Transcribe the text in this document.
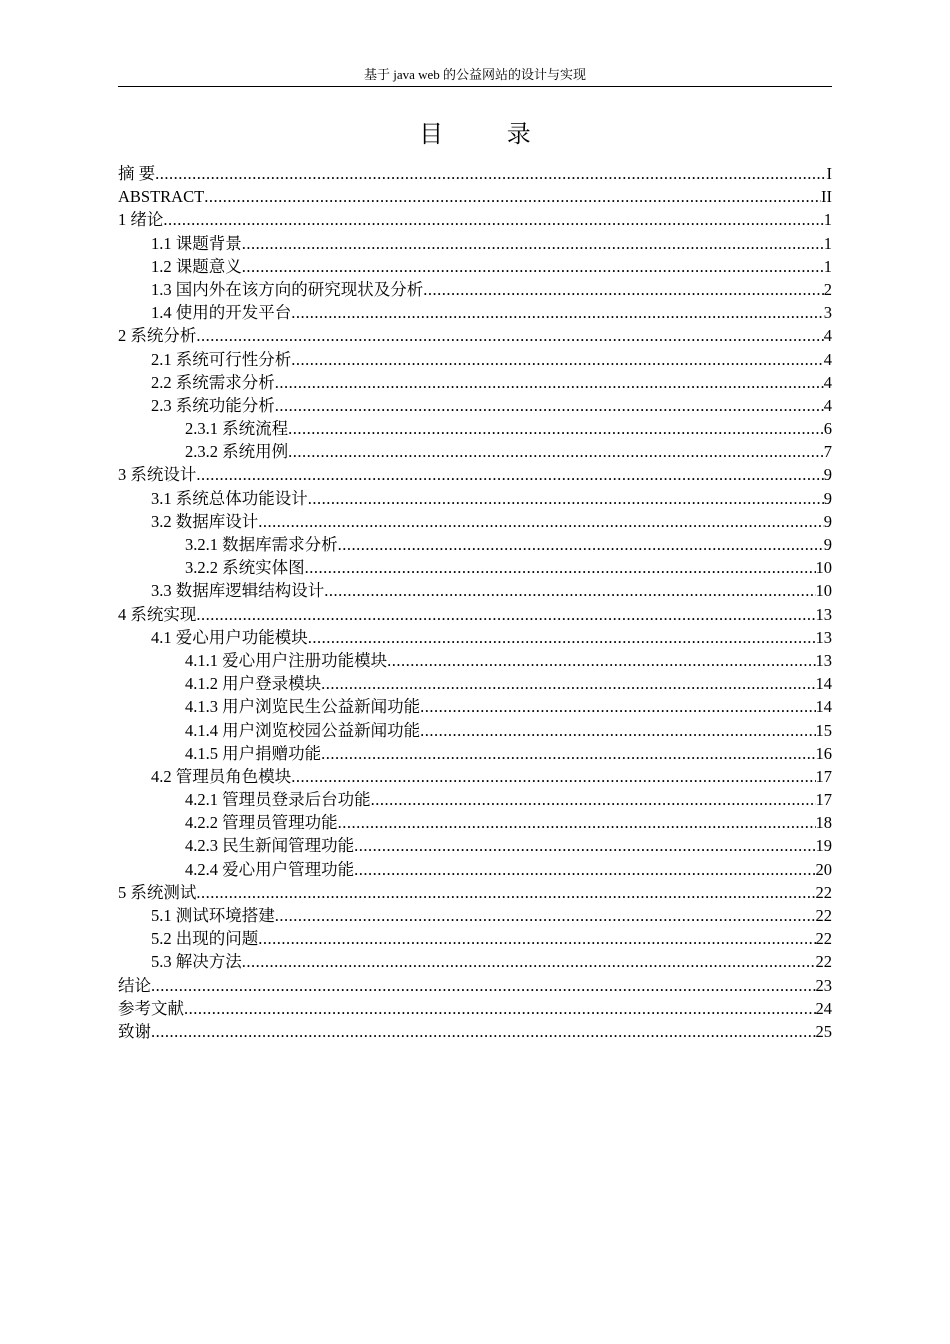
基于 java web 的公益网站的设计与实现
目 录
摘 要 .....	I
ABSTRACT .....	II
1 绪论 .....	1
1.1 课题背景 .....	1
1.2 课题意义 .....	1
1.3 国内外在该方向的研究现状及分析 .....	2
1.4 使用的开发平台 .....	3
2 系统分析 .....	4
2.1 系统可行性分析 .....	4
2.2 系统需求分析 .....	4
2.3 系统功能分析 .....	4
2.3.1 系统流程 .....	6
2.3.2 系统用例 .....	7
3 系统设计 .....	9
3.1 系统总体功能设计 .....	9
3.2 数据库设计 .....	9
3.2.1 数据库需求分析 .....	9
3.2.2 系统实体图 .....	10
3.3 数据库逻辑结构设计 .....	10
4 系统实现 .....	13
4.1 爱心用户功能模块 .....	13
4.1.1 爱心用户注册功能模块 .....	13
4.1.2 用户登录模块 .....	14
4.1.3 用户浏览民生公益新闻功能 .....	14
4.1.4 用户浏览校园公益新闻功能 .....	15
4.1.5 用户捐赠功能 .....	16
4.2 管理员角色模块 .....	17
4.2.1 管理员登录后台功能 .....	17
4.2.2 管理员管理功能 .....	18
4.2.3 民生新闻管理功能 .....	19
4.2.4 爱心用户管理功能 .....	20
5 系统测试 .....	22
5.1 测试环境搭建 .....	22
5.2 出现的问题 .....	22
5.3 解决方法 .....	22
结论 .....	23
参考文献 .....	24
致谢 .....	25
